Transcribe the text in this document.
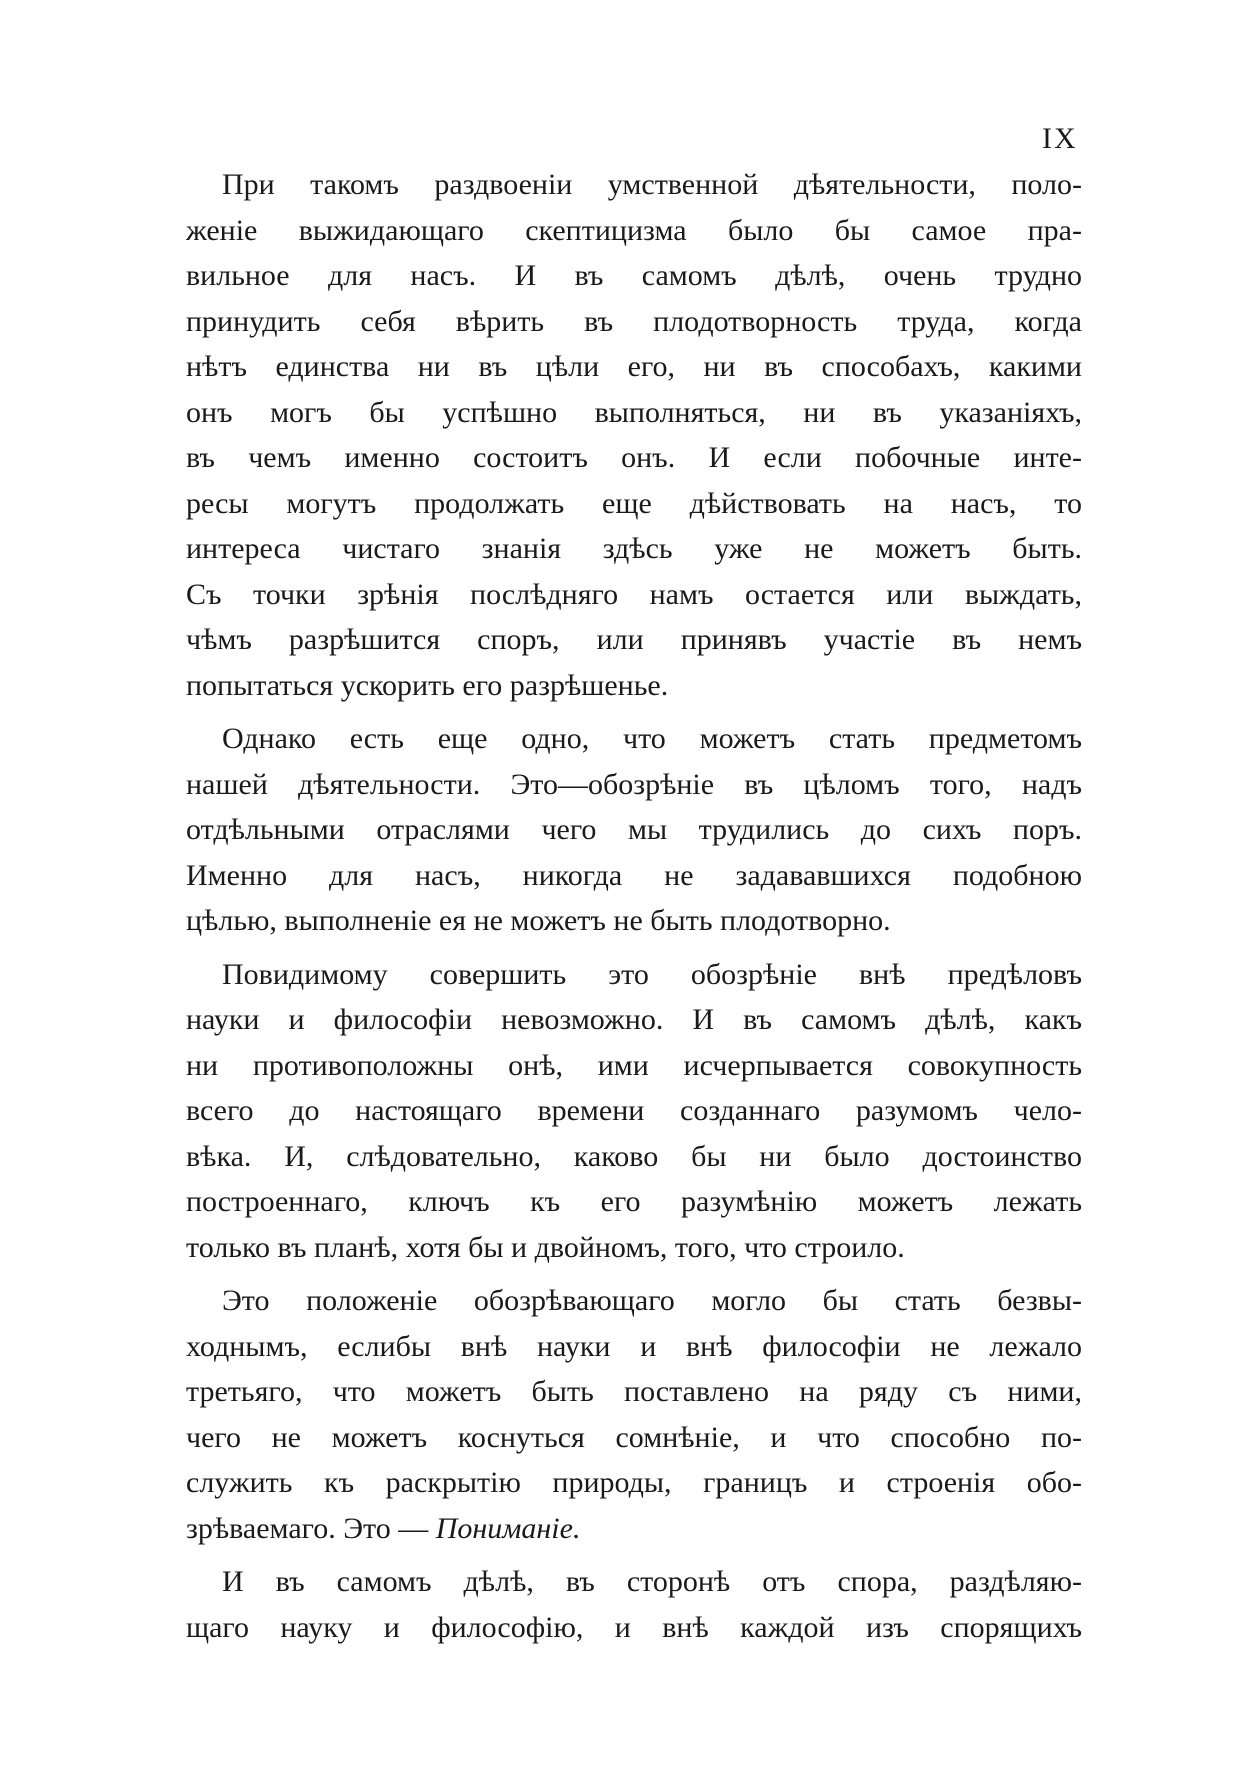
IX
При такомъ раздвоеніи умственной дѣятельности, поло-
женіе выжидающаго скептицизма было бы самое пра-
вильное для насъ. И въ самомъ дѣлѣ, очень трудно
принудить себя вѣрить въ плодотворность труда, когда
нѣтъ единства ни въ цѣли его, ни въ способахъ, какими
онъ могъ бы успѣшно выполняться, ни въ указаніяхъ,
въ чемъ именно состоитъ онъ. И если побочные инте-
ресы могутъ продолжать еще дѣйствовать на насъ, то
интереса чистаго знанія здѣсь уже не можетъ быть.
Съ точки зрѣнія послѣдняго намъ остается или выждать,
чѣмъ разрѣшится споръ, или принявъ участіе въ немъ
попытаться ускорить его разрѣшенье.
Однако есть еще одно, что можетъ стать предметомъ
нашей дѣятельности. Это—обозрѣніе въ цѣломъ того, надъ
отдѣльными отраслями чего мы трудились до сихъ поръ.
Именно для насъ, никогда не задававшихся подобною
цѣлью, выполненіе ея не можетъ не быть плодотворно.
Повидимому совершить это обозрѣніе внѣ предѣловъ
науки и философіи невозможно. И въ самомъ дѣлѣ, какъ
ни противоположны онѣ, ими исчерпывается совокупность
всего до настоящаго времени созданнаго разумомъ чело-
вѣка. И, слѣдовательно, каково бы ни было достоинство
построеннаго, ключъ къ его разумѣнію можетъ лежать
только въ планѣ, хотя бы и двойномъ, того, что строило.
Это положеніе обозрѣвающаго могло бы стать безвы-
ходнымъ, еслибы внѣ науки и внѣ философіи не лежало
третьяго, что можетъ быть поставлено на ряду съ ними,
чего не можетъ коснуться сомнѣніе, и что способно по-
служить къ раскрытію природы, границъ и строенія обо-
зрѣваемаго. Это — Пониманіе.
И въ самомъ дѣлѣ, въ сторонѣ отъ спора, раздѣляю-
щаго науку и философію, и внѣ каждой изъ спорящихъ
